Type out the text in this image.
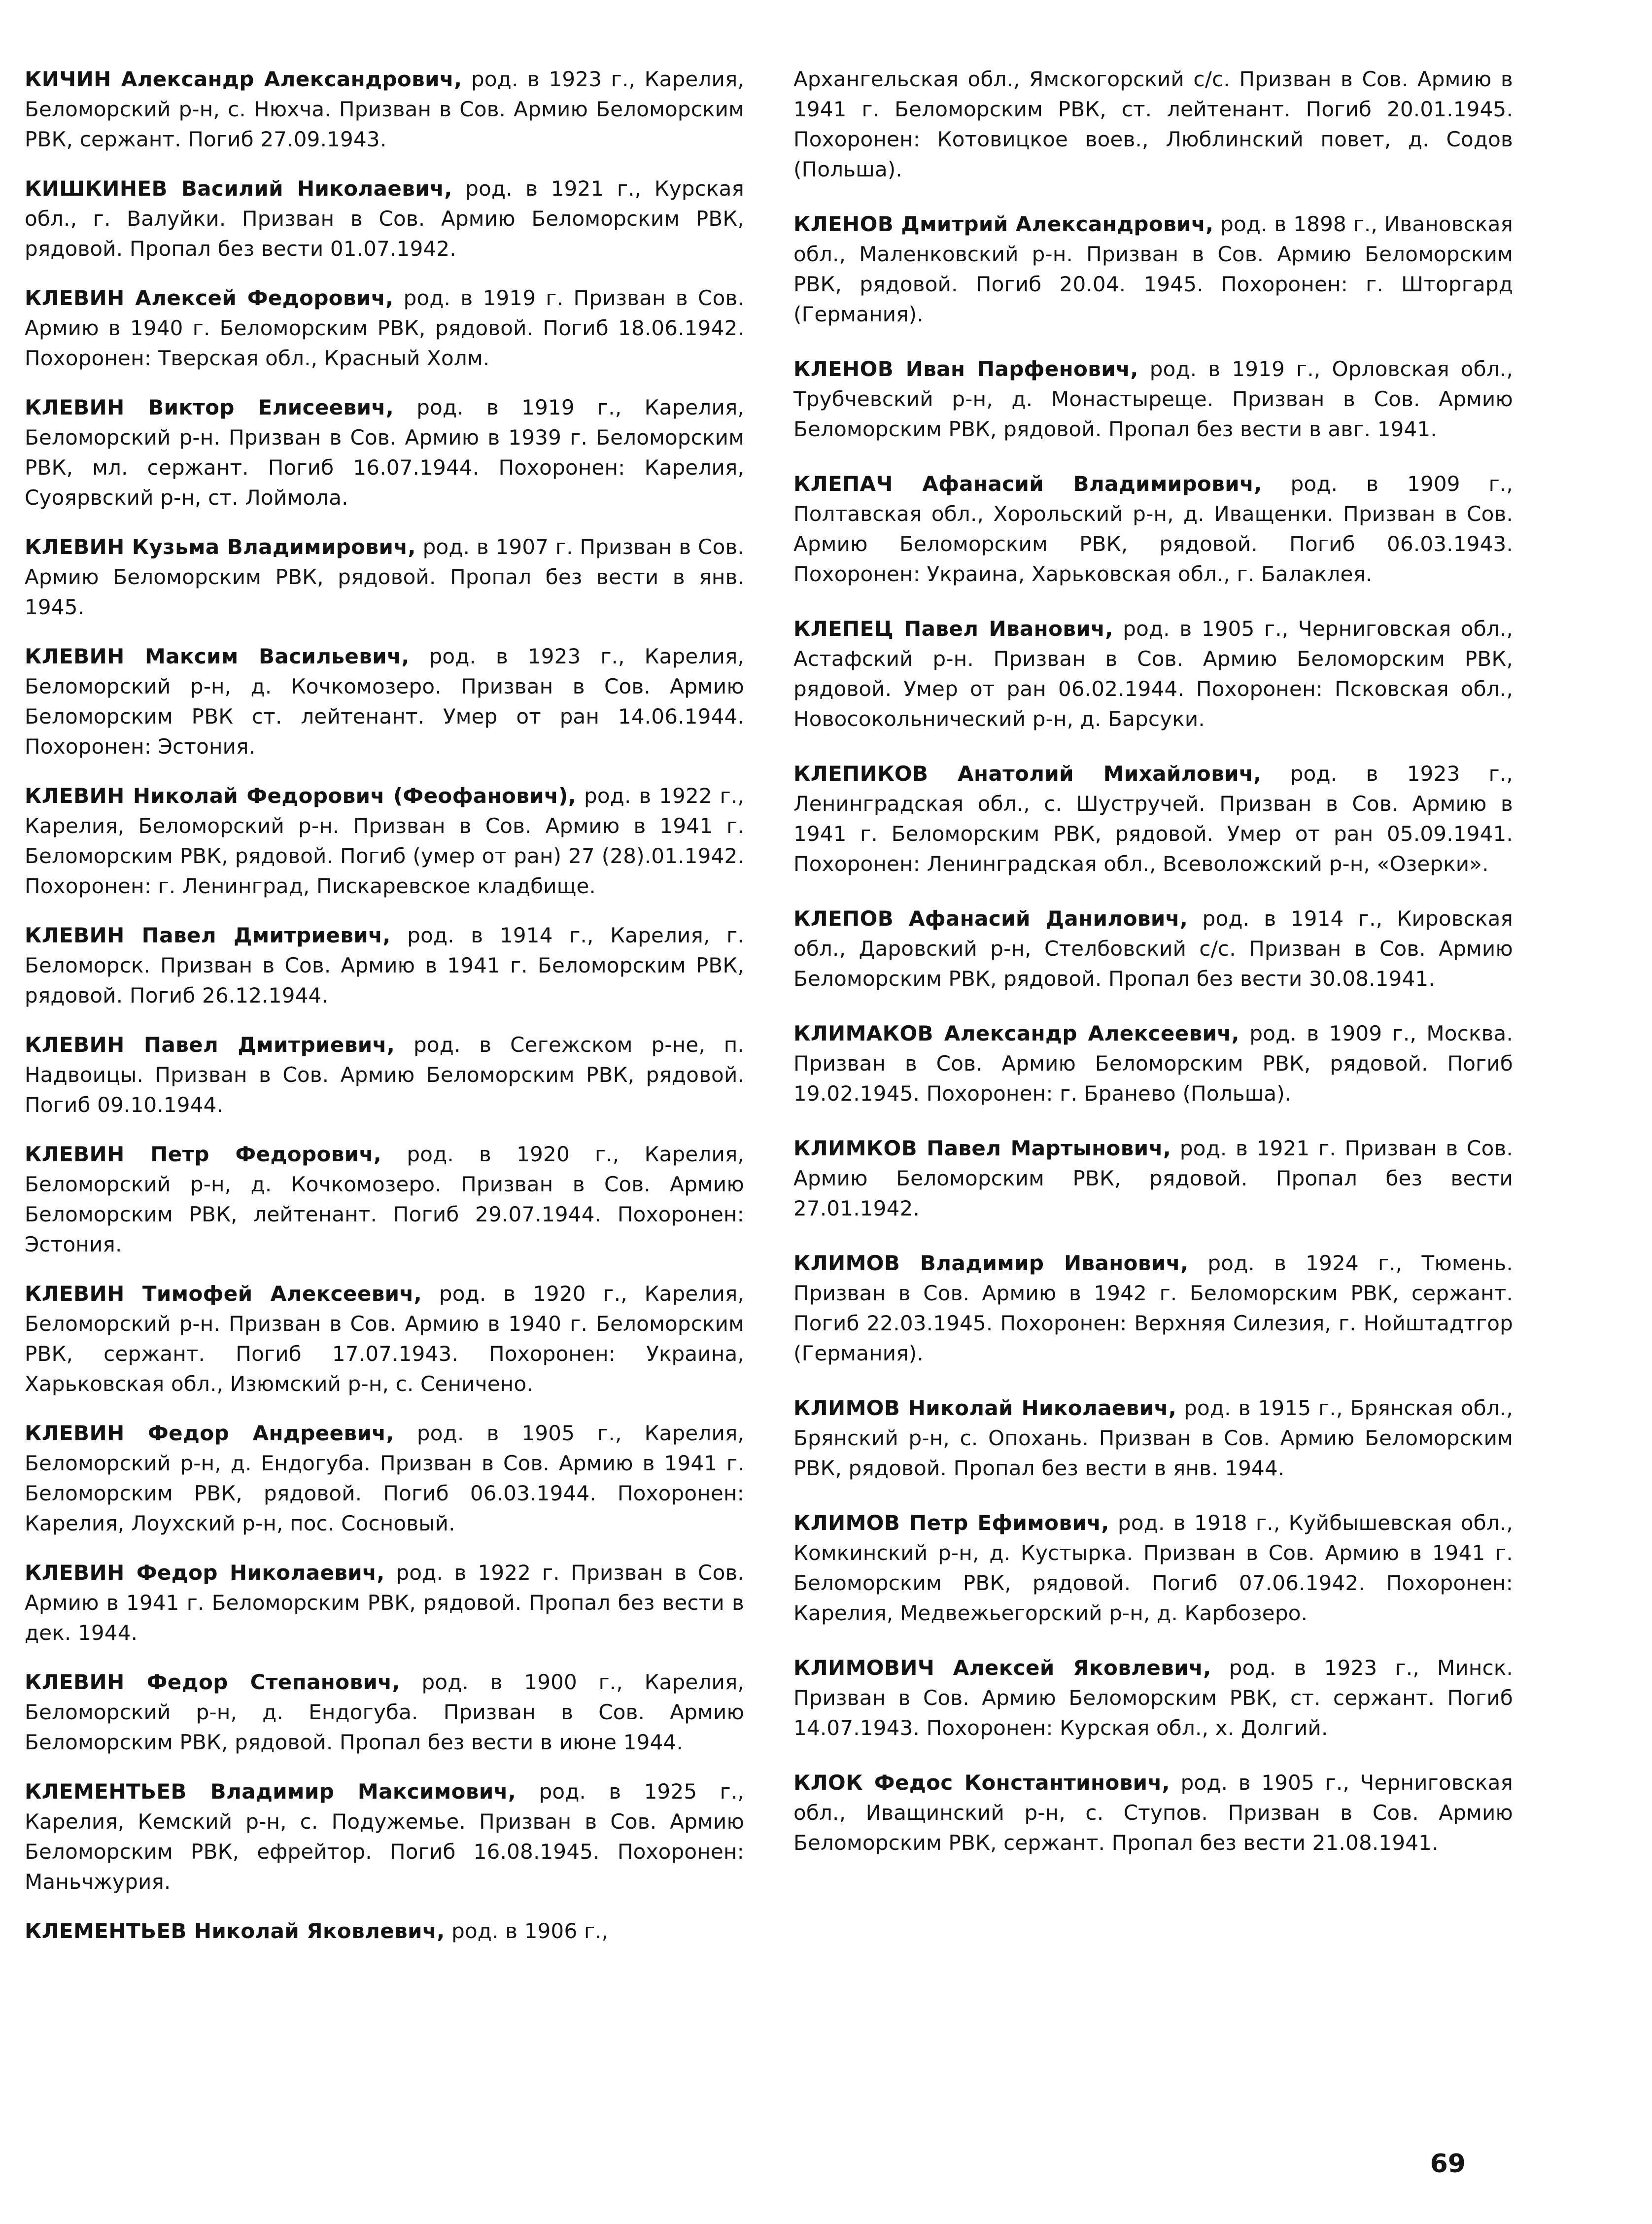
КИЧИН Александр Александрович, род. в 1923 г., Карелия, Беломорский р-н, с. Нюхча. Призван в Сов. Армию Беломорским РВК, сержант. Погиб 27.09.1943.

КИШКИНЕВ Василий Николаевич, род. в 1921 г., Курская обл., г. Валуйки. Призван в Сов. Армию Беломорским РВК, рядовой. Пропал без вести 01.07.1942.

КЛЕВИН Алексей Федорович, род. в 1919 г. Призван в Сов. Армию в 1940 г. Беломорским РВК, рядовой. Погиб 18.06.1942. Похоронен: Тверская обл., Красный Холм.

КЛЕВИН Виктор Елисеевич, род. в 1919 г., Карелия, Беломорский р-н. Призван в Сов. Армию в 1939 г. Беломорским РВК, мл. сержант. Погиб 16.07.1944. Похоронен: Карелия, Суоярвский р-н, ст. Лоймола.

КЛЕВИН Кузьма Владимирович, род. в 1907 г. Призван в Сов. Армию Беломорским РВК, рядовой. Пропал без вести в янв. 1945.

КЛЕВИН Максим Васильевич, род. в 1923 г., Карелия, Беломорский р-н, д. Кочкомозеро. Призван в Сов. Армию Беломорским РВК ст. лейтенант. Умер от ран 14.06.1944. Похоронен: Эстония.

КЛЕВИН Николай Федорович (Феофанович), род. в 1922 г., Карелия, Беломорский р-н. Призван в Сов. Армию в 1941 г. Беломорским РВК, рядовой. Погиб (умер от ран) 27 (28).01.1942. Похоронен: г. Ленинград, Пискаревское кладбище.

КЛЕВИН Павел Дмитриевич, род. в 1914 г., Карелия, г. Беломорск. Призван в Сов. Армию в 1941 г. Беломорским РВК, рядовой. Погиб 26.12.1944.

КЛЕВИН Павел Дмитриевич, род. в Сегежском р-не, п. Надвоицы. Призван в Сов. Армию Беломорским РВК, рядовой. Погиб 09.10.1944.

КЛЕВИН Петр Федорович, род. в 1920 г., Карелия, Беломорский р-н, д. Кочкомозеро. Призван в Сов. Армию Беломорским РВК, лейтенант. Погиб 29.07.1944. Похоронен: Эстония.

КЛЕВИН Тимофей Алексеевич, род. в 1920 г., Карелия, Беломорский р-н. Призван в Сов. Армию в 1940 г. Беломорским РВК, сержант. Погиб 17.07.1943. Похоронен: Украина, Харьковская обл., Изюмский р-н, с. Сеничено.

КЛЕВИН Федор Андреевич, род. в 1905 г., Карелия, Беломорский р-н, д. Ендогуба. Призван в Сов. Армию в 1941 г. Беломорским РВК, рядовой. Погиб 06.03.1944. Похоронен: Карелия, Лоухский р-н, пос. Сосновый.

КЛЕВИН Федор Николаевич, род. в 1922 г. Призван в Сов. Армию в 1941 г. Беломорским РВК, рядовой. Пропал без вести в дек. 1944.

КЛЕВИН Федор Степанович, род. в 1900 г., Карелия, Беломорский р-н, д. Ендогуба. Призван в Сов. Армию Беломорским РВК, рядовой. Пропал без вести в июне 1944.

КЛЕМЕНТЬЕВ Владимир Максимович, род. в 1925 г., Карелия, Кемский р-н, с. Подужемье. Призван в Сов. Армию Беломорским РВК, ефрейтор. Погиб 16.08.1945. Похоронен: Маньчжурия.

КЛЕМЕНТЬЕВ Николай Яковлевич, род. в 1906 г.,

Архангельская обл., Ямскогорский с/с. Призван в Сов. Армию в 1941 г. Беломорским РВК, ст. лейтенант. Погиб 20.01.1945. Похоронен: Котовицкое воев., Люблинский повет, д. Содов (Польша).

КЛЕНОВ Дмитрий Александрович, род. в 1898 г., Ивановская обл., Маленковский р-н. Призван в Сов. Армию Беломорским РВК, рядовой. Погиб 20.04. 1945. Похоронен: г. Шторгард (Германия).

КЛЕНОВ Иван Парфенович, род. в 1919 г., Орловская обл., Трубчевский р-н, д. Монастыреще. Призван в Сов. Армию Беломорским РВК, рядовой. Пропал без вести в авг. 1941.

КЛЕПАЧ Афанасий Владимирович, род. в 1909 г., Полтавская обл., Хорольский р-н, д. Иващенки. Призван в Сов. Армию Беломорским РВК, рядовой. Погиб 06.03.1943. Похоронен: Украина, Харьковская обл., г. Балаклея.

КЛЕПЕЦ Павел Иванович, род. в 1905 г., Черниговская обл., Астафский р-н. Призван в Сов. Армию Беломорским РВК, рядовой. Умер от ран 06.02.1944. Похоронен: Псковская обл., Новосокольнический р-н, д. Барсуки.

КЛЕПИКОВ Анатолий Михайлович, род. в 1923 г., Ленинградская обл., с. Шустручей. Призван в Сов. Армию в 1941 г. Беломорским РВК, рядовой. Умер от ран 05.09.1941. Похоронен: Ленинградская обл., Всеволожский р-н, «Озерки».

КЛЕПОВ Афанасий Данилович, род. в 1914 г., Кировская обл., Даровский р-н, Стелбовский с/с. Призван в Сов. Армию Беломорским РВК, рядовой. Пропал без вести 30.08.1941.

КЛИМАКОВ Александр Алексеевич, род. в 1909 г., Москва. Призван в Сов. Армию Беломорским РВК, рядовой. Погиб 19.02.1945. Похоронен: г. Бранево (Польша).

КЛИМКОВ Павел Мартынович, род. в 1921 г. Призван в Сов. Армию Беломорским РВК, рядовой. Пропал без вести 27.01.1942.

КЛИМОВ Владимир Иванович, род. в 1924 г., Тюмень. Призван в Сов. Армию в 1942 г. Беломорским РВК, сержант. Погиб 22.03.1945. Похоронен: Верхняя Силезия, г. Нойштадтгор (Германия).

КЛИМОВ Николай Николаевич, род. в 1915 г., Брянская обл., Брянский р-н, с. Опохань. Призван в Сов. Армию Беломорским РВК, рядовой. Пропал без вести в янв. 1944.

КЛИМОВ Петр Ефимович, род. в 1918 г., Куйбышевская обл., Комкинский р-н, д. Кустырка. Призван в Сов. Армию в 1941 г. Беломорским РВК, рядовой. Погиб 07.06.1942. Похоронен: Карелия, Медвежьегорский р-н, д. Карбозеро.

КЛИМОВИЧ Алексей Яковлевич, род. в 1923 г., Минск. Призван в Сов. Армию Беломорским РВК, ст. сержант. Погиб 14.07.1943. Похоронен: Курская обл., х. Долгий.

КЛОК Федос Константинович, род. в 1905 г., Черниговская обл., Иващинский р-н, с. Ступов. Призван в Сов. Армию Беломорским РВК, сержант. Пропал без вести 21.08.1941.

69
